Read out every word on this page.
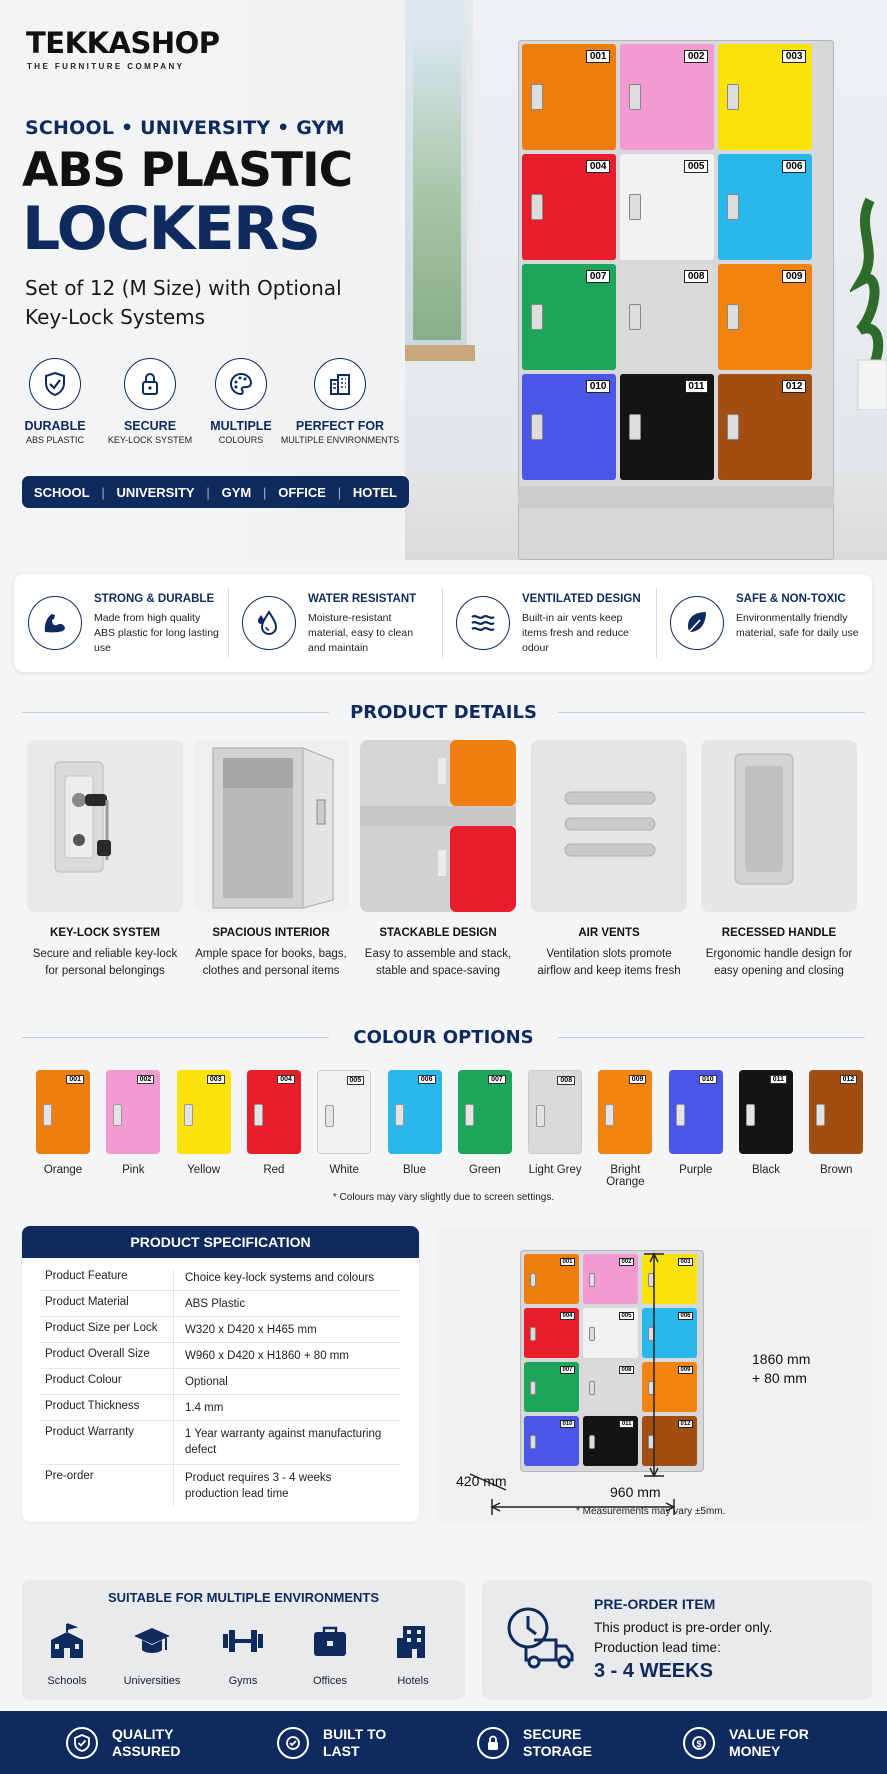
TEKKASHOP
THE FURNITURE COMPANY
SCHOOL • UNIVERSITY • GYM
ABS PLASTIC
LOCKERS
Set of 12 (M Size) with Optional Key-Lock Systems
DURABLE
ABS PLASTIC
SECURE
KEY-LOCK SYSTEM
MULTIPLE
COLOURS
PERFECT FOR
MULTIPLE ENVIRONMENTS
SCHOOL | UNIVERSITY | GYM | OFFICE | HOTEL
001	002	003
004	005	006
007	008	009
010	011	012
STRONG & DURABLE
Made from high quality ABS plastic for long lasting use
WATER RESISTANT
Moisture-resistant material, easy to clean and maintain
VENTILATED DESIGN
Built-in air vents keep items fresh and reduce odour
SAFE & NON-TOXIC
Environmentally friendly material, safe for daily use
PRODUCT DETAILS
KEY-LOCK SYSTEM	SPACIOUS INTERIOR	STACKABLE DESIGN	AIR VENTS	RECESSED HANDLE
Secure and reliable key-lock for personal belongings
Ample space for books, bags, clothes and personal items
Easy to assemble and stack, stable and space-saving
Ventilation slots promote airflow and keep items fresh
Ergonomic handle design for easy opening and closing
COLOUR OPTIONS
001
Orange
002
Pink
003
Yellow
004
Red
005
White
006
Blue
007
Green
008
Light Grey
009
Bright Orange
010
Purple
011
Black
012
Brown
* Colours may vary slightly due to screen settings.
PRODUCT SPECIFICATION
Product Feature	Choice key-lock systems and colours
Product Material	ABS Plastic
Product Size per Lock W320 x D420 x H465 mm
Product Overall Size	W960 x D420 x H1860 + 80 mm
Product Colour	Optional
Product Thickness	1.4 mm
Product Warranty	1 Year warranty against manufacturing defect
Pre-order	Product requires 3 - 4 weeks production lead time
001	002	003
004	005	006
007	008	009
010	011	012
1860 mm
+ 80 mm
420 mm
960 mm
* Measurements may vary ±5mm.
SUITABLE FOR MULTIPLE ENVIRONMENTS
Schools	Universities	Gyms	Offices	Hotels
PRE-ORDER ITEM
This product is pre-order only.
Production lead time:
3 - 4 WEEKS
QUALITY
ASSURED
BUILT TO
LAST
SECURE
STORAGE	$
VALUE FOR
MONEY
